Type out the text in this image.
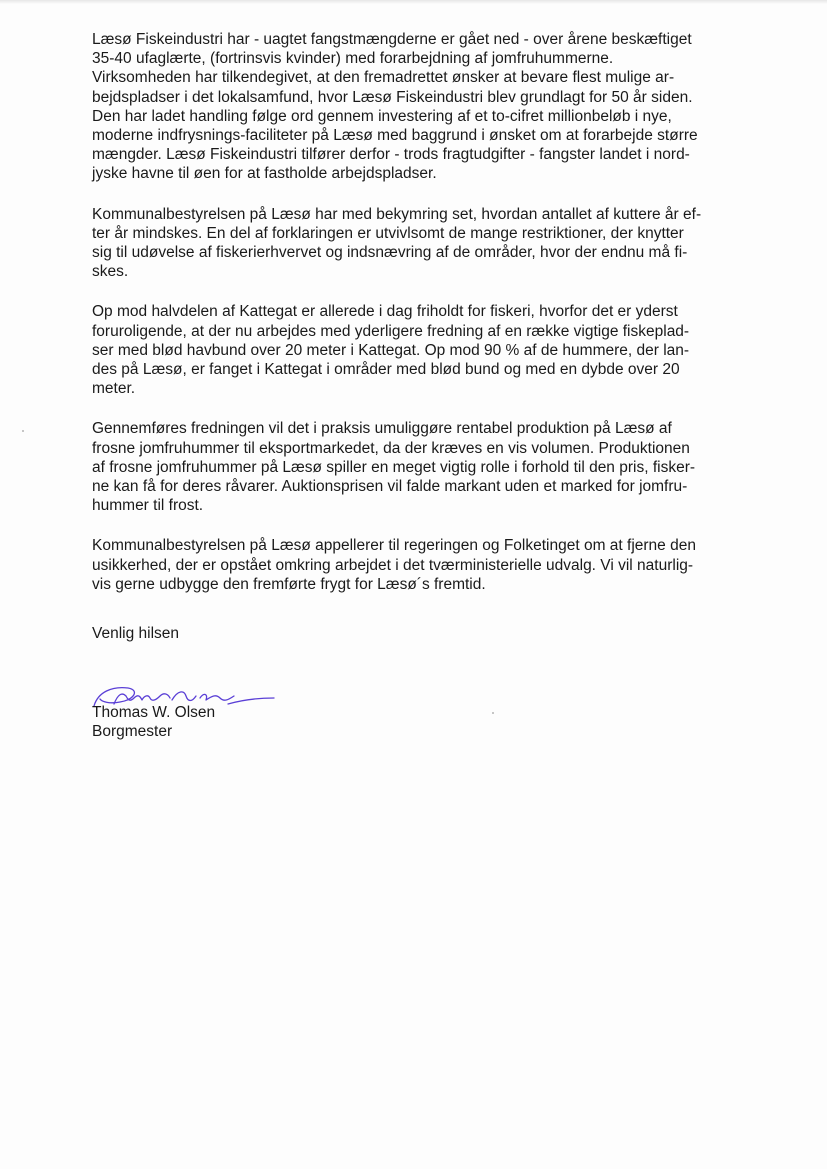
Læsø Fiskeindustri har - uagtet fangstmængderne er gået ned - over årene beskæftiget
35-40 ufaglærte, (fortrinsvis kvinder) med forarbejdning af jomfruhummerne.
Virksomheden har tilkendegivet, at den fremadrettet ønsker at bevare flest mulige ar-
bejdspladser i det lokalsamfund, hvor Læsø Fiskeindustri blev grundlagt for 50 år siden.
Den har ladet handling følge ord gennem investering af et to-cifret millionbeløb i nye,
moderne indfrysnings-faciliteter på Læsø med baggrund i ønsket om at forarbejde større
mængder. Læsø Fiskeindustri tilfører derfor - trods fragtudgifter - fangster landet i nord-
jyske havne til øen for at fastholde arbejdspladser.

Kommunalbestyrelsen på Læsø har med bekymring set, hvordan antallet af kuttere år ef-
ter år mindskes. En del af forklaringen er utvivlsomt de mange restriktioner, der knytter
sig til udøvelse af fiskerierhvervet og indsnævring af de områder, hvor der endnu må fi-
skes.

Op mod halvdelen af Kattegat er allerede i dag friholdt for fiskeri, hvorfor det er yderst
foruroligende, at der nu arbejdes med yderligere fredning af en række vigtige fiskeplad-
ser med blød havbund over 20 meter i Kattegat. Op mod 90 % af de hummere, der lan-
des på Læsø, er fanget i Kattegat i områder med blød bund og med en dybde over 20
meter.

Gennemføres fredningen vil det i praksis umuliggøre rentabel produktion på Læsø af
frosne jomfruhummer til eksportmarkedet, da der kræves en vis volumen. Produktionen
af frosne jomfruhummer på Læsø spiller en meget vigtig rolle i forhold til den pris, fisker-
ne kan få for deres råvarer. Auktionsprisen vil falde markant uden et marked for jomfru-
hummer til frost.

Kommunalbestyrelsen på Læsø appellerer til regeringen og Folketinget om at fjerne den
usikkerhed, der er opstået omkring arbejdet i det tværministerielle udvalg. Vi vil naturlig-
vis gerne udbygge den fremførte frygt for Læsø´s fremtid.

Venlig hilsen

Thomas W. Olsen
Borgmester
